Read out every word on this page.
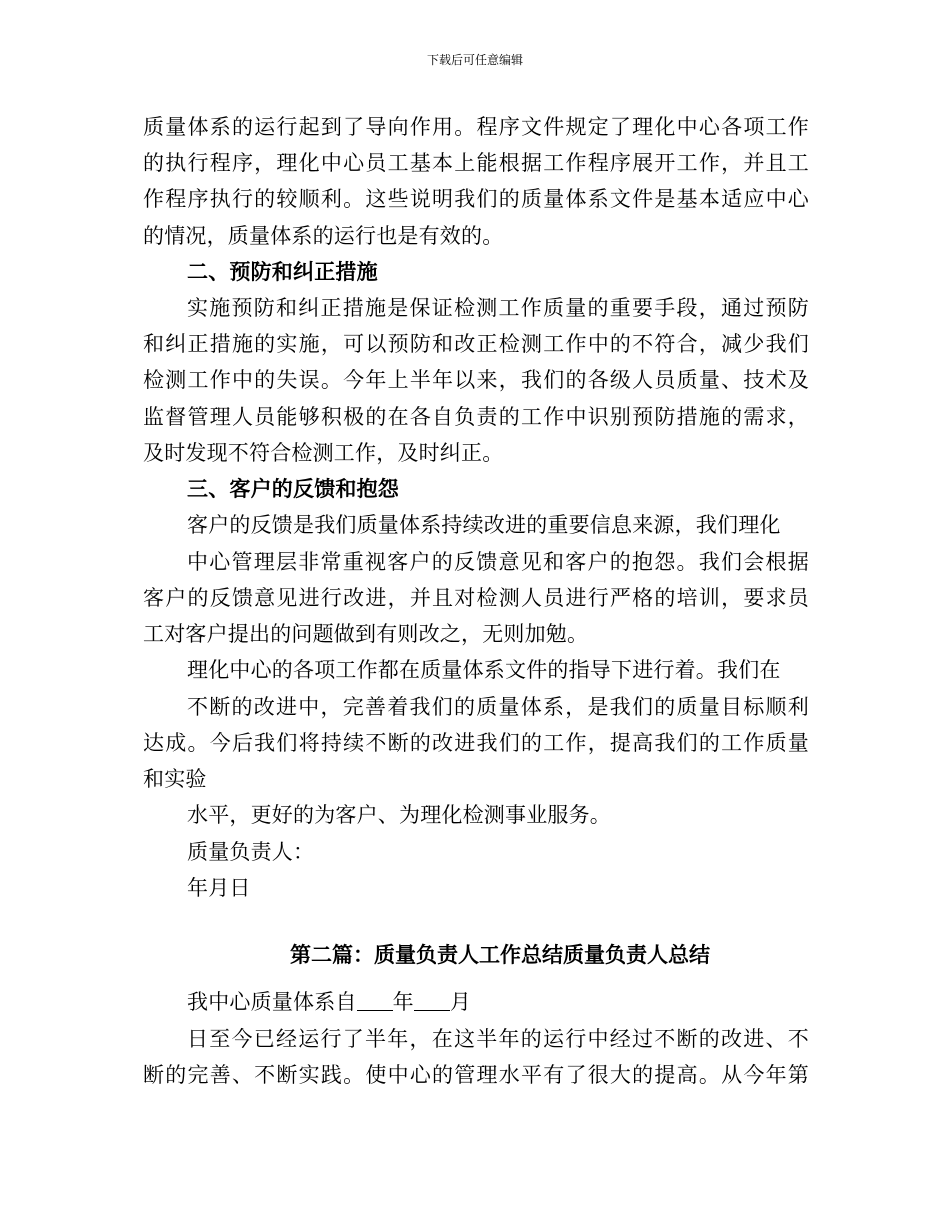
下载后可任意编辑
质量体系的运行起到了导向作用。程序文件规定了理化中心各项工作
的执行程序，理化中心员工基本上能根据工作程序展开工作，并且工
作程序执行的较顺利。这些说明我们的质量体系文件是基本适应中心
的情况，质量体系的运行也是有效的。
二、预防和纠正措施
实施预防和纠正措施是保证检测工作质量的重要手段，通过预防
和纠正措施的实施，可以预防和改正检测工作中的不符合，减少我们
检测工作中的失误。今年上半年以来，我们的各级人员质量、技术及
监督管理人员能够积极的在各自负责的工作中识别预防措施的需求，
及时发现不符合检测工作，及时纠正。
三、客户的反馈和抱怨
客户的反馈是我们质量体系持续改进的重要信息来源，我们理化
中心管理层非常重视客户的反馈意见和客户的抱怨。我们会根据
客户的反馈意见进行改进，并且对检测人员进行严格的培训，要求员
工对客户提出的问题做到有则改之，无则加勉。
理化中心的各项工作都在质量体系文件的指导下进行着。我们在
不断的改进中，完善着我们的质量体系，是我们的质量目标顺利
达成。今后我们将持续不断的改进我们的工作，提高我们的工作质量
和实验
水平，更好的为客户、为理化检测事业服务。
质量负责人：
年月日
第二篇：质量负责人工作总结质量负责人总结
我中心质量体系自 年 月
日至今已经运行了半年，在这半年的运行中经过不断的改进、不
断的完善、不断实践。使中心的管理水平有了很大的提高。从今年第
